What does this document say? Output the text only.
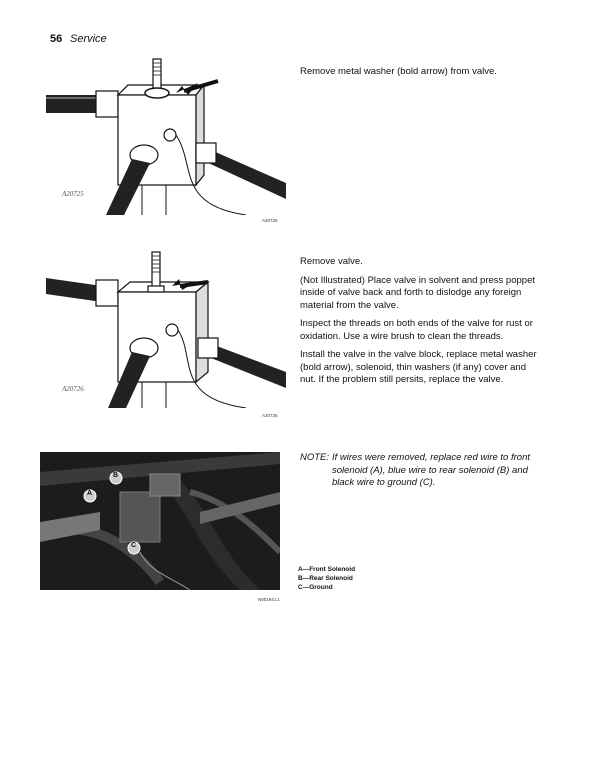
56 Service
A20725
A20725
Remove metal washer (bold arrow) from valve.
A20726
A20726

Remove valve.

(Not Illustrated) Place valve in solvent and press poppet inside of valve back and forth to dislodge any foreign material from the valve.

Inspect the threads on both ends of the valve for rust or oxidation. Use a wire brush to clean the threads.

Install the valve in the valve block, replace metal washer (bold arrow), solenoid, thin washers (if any) cover and nut. If the problem still persits, replace the valve.

A
B
C
N80194J.1
NOTE: If wires were removed, replace red wire to front solenoid (A), blue wire to rear solenoid (B) and black wire to ground (C).
A—Front Solenoid
B—Rear Solenoid
C—Ground
